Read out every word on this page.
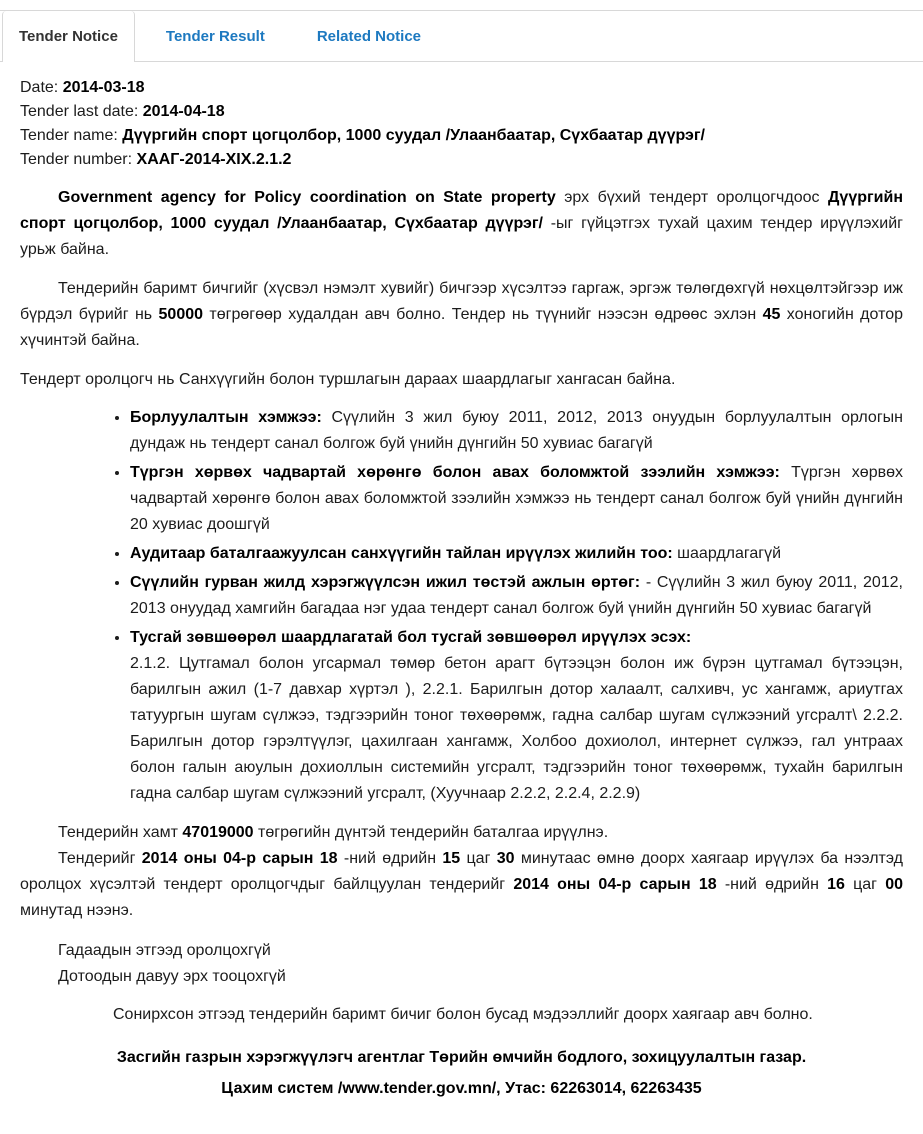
Tender Notice	Tender Result	Related Notice
Date: 2014-03-18
Tender last date: 2014-04-18
Tender name: Дүүргийн спорт цогцолбор, 1000 суудал /Улаанбаатар, Сүхбаатар дүүрэг/
Tender number: ХААГ-2014-XIX.2.1.2

Government agency for Policy coordination on State property эрх бүхий тендерт оролцогчдоос Дүүргийн спорт цогцолбор, 1000 суудал /Улаанбаатар, Сүхбаатар дүүрэг/ -ыг гүйцэтгэх тухай цахим тендер ирүүлэхийг урьж байна.

Тендерийн баримт бичгийг (хүсвэл нэмэлт хувийг) бичгээр хүсэлтээ гаргаж, эргэж төлөгдөхгүй нөхцөлтэйгээр иж бүрдэл бүрийг нь 50000 төгрөгөөр худалдан авч болно. Тендер нь түүнийг нээсэн өдрөөс эхлэн 45 хоногийн дотор хүчинтэй байна.

Тендерт оролцогч нь Санхүүгийн болон туршлагын дараах шаардлагыг хангасан байна.
• Борлуулалтын хэмжээ: Сүүлийн 3 жил буюу 2011, 2012, 2013 онуудын борлуулалтын орлогын дундаж нь тендерт санал болгож буй үнийн дүнгийн 50 хувиас багагүй
• Түргэн хөрвөх чадвартай хөрөнгө болон авах боломжтой зээлийн хэмжээ: Түргэн хөрвөх чадвартай хөрөнгө болон авах боломжтой зээлийн хэмжээ нь тендерт санал болгож буй үнийн дүнгийн 20 хувиас доошгүй
• Аудитаар баталгаажуулсан санхүүгийн тайлан ирүүлэх жилийн тоо: шаардлагагүй
• Сүүлийн гурван жилд хэрэгжүүлсэн ижил төстэй ажлын өртөг: - Сүүлийн 3 жил буюу 2011, 2012, 2013 онуудад хамгийн багадаа нэг удаа тендерт санал болгож буй үнийн дүнгийн 50 хувиас багагүй
• Тусгай зөвшөөрөл шаардлагатай бол тусгай зөвшөөрөл ирүүлэх эсэх:
2.1.2. Цутгамал болон угсармал төмөр бетон арагт бүтээцэн болон иж бүрэн цутгамал бүтээцэн, барилгын ажил (1-7 давхар хүртэл ), 2.2.1. Барилгын дотор халаалт, салхивч, ус хангамж, ариутгах татуургын шугам сүлжээ, тэдгээрийн тоног төхөөрөмж, гадна салбар шугам сүлжээний угсралт\ 2.2.2. Барилгын дотор гэрэлтүүлэг, цахилгаан хангамж, Холбоо дохиолол, интернет сүлжээ, гал унтраах болон галын аюулын дохиоллын системийн угсралт, тэдгээрийн тоног төхөөрөмж, тухайн барилгын гадна салбар шугам сүлжээний угсралт, (Хуучнаар 2.2.2, 2.2.4, 2.2.9)

Тендерийн хамт 47019000 төгрөгийн дүнтэй тендерийн баталгаа ирүүлнэ.

Тендерийг 2014 оны 04-р сарын 18 -ний өдрийн 15 цаг 30 минутаас өмнө доорх хаягаар ирүүлэх ба нээлтэд оролцох хүсэлтэй тендерт оролцогчдыг байлцуулан тендерийг 2014 оны 04-р сарын 18 -ний өдрийн 16 цаг 00 минутад нээнэ.

Гадаадын этгээд оролцохгүй
Дотоодын давуу эрх тооцохгүй
Сонирхсон этгээд тендерийн баримт бичиг болон бусад мэдээллийг доорх хаягаар авч болно.
Засгийн газрын хэрэгжүүлэгч агентлаг Төрийн өмчийн бодлого, зохицуулалтын газар.
Цахим систем /www.tender.gov.mn/, Утас: 62263014, 62263435
